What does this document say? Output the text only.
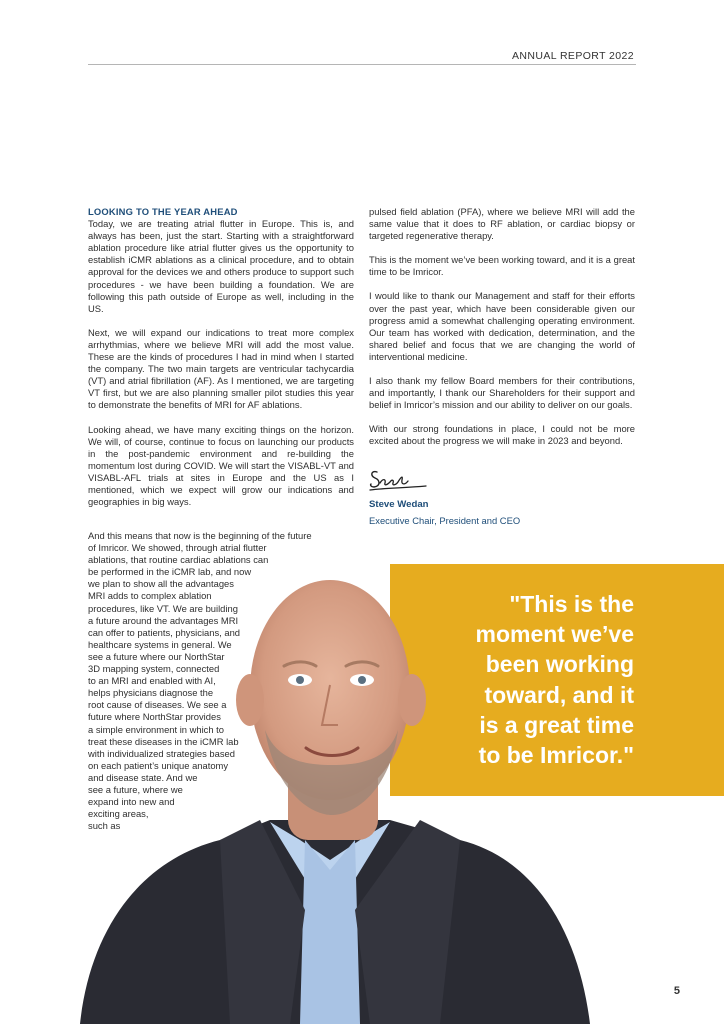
ANNUAL REPORT 2022
LOOKING TO THE YEAR AHEAD

Today, we are treating atrial flutter in Europe. This is, and always has been, just the start. Starting with a straightforward ablation procedure like atrial flutter gives us the opportunity to establish iCMR ablations as a clinical procedure, and to obtain approval for the devices we and others produce to support such procedures - we have been building a foundation. We are following this path outside of Europe as well, including in the US.

Next, we will expand our indications to treat more complex arrhythmias, where we believe MRI will add the most value. These are the kinds of procedures I had in mind when I started the company. The two main targets are ventricular tachycardia (VT) and atrial fibrillation (AF). As I mentioned, we are targeting VT first, but we are also planning smaller pilot studies this year to demonstrate the benefits of MRI for AF ablations.

Looking ahead, we have many exciting things on the horizon. We will, of course, continue to focus on launching our products in the post-pandemic environment and re-building the momentum lost during COVID. We will start the VISABL-VT and VISABL-AFL trials at sites in Europe and the US as I mentioned, which we expect will grow our indications and geographies in big ways.

And this means that now is the beginning of the future
of Imricor. We showed, through atrial flutter
ablations, that routine cardiac ablations can
be performed in the iCMR lab, and now
we plan to show all the advantages
MRI adds to complex ablation
procedures, like VT. We are building
a future around the advantages MRI
can offer to patients, physicians, and
healthcare systems in general. We
see a future where our NorthStar
3D mapping system, connected
to an MRI and enabled with AI,
helps physicians diagnose the
root cause of diseases. We see a
future where NorthStar provides
a simple environment in which to
treat these diseases in the iCMR lab
with individualized strategies based
on each patient’s unique anatomy
and disease state. And we
see a future, where we
expand into new and
exciting areas,
such as

pulsed field ablation (PFA), where we believe MRI will add the same value that it does to RF ablation, or cardiac biopsy or targeted regenerative therapy.

This is the moment we’ve been working toward, and it is a great time to be Imricor.

I would like to thank our Management and staff for their efforts over the past year, which have been considerable given our progress amid a somewhat challenging operating environment. Our team has worked with dedication, determination, and the shared belief and focus that we are changing the world of interventional medicine.

I also thank my fellow Board members for their contributions, and importantly, I thank our Shareholders for their support and belief in Imricor’s mission and our ability to deliver on our goals.

With our strong foundations in place, I could not be more excited about the progress we will make in 2023 and beyond.

Steve Wedan
Executive Chair, President and CEO
"This is the
moment we’ve
been working
toward, and it
is a great time
to be Imricor."
5
